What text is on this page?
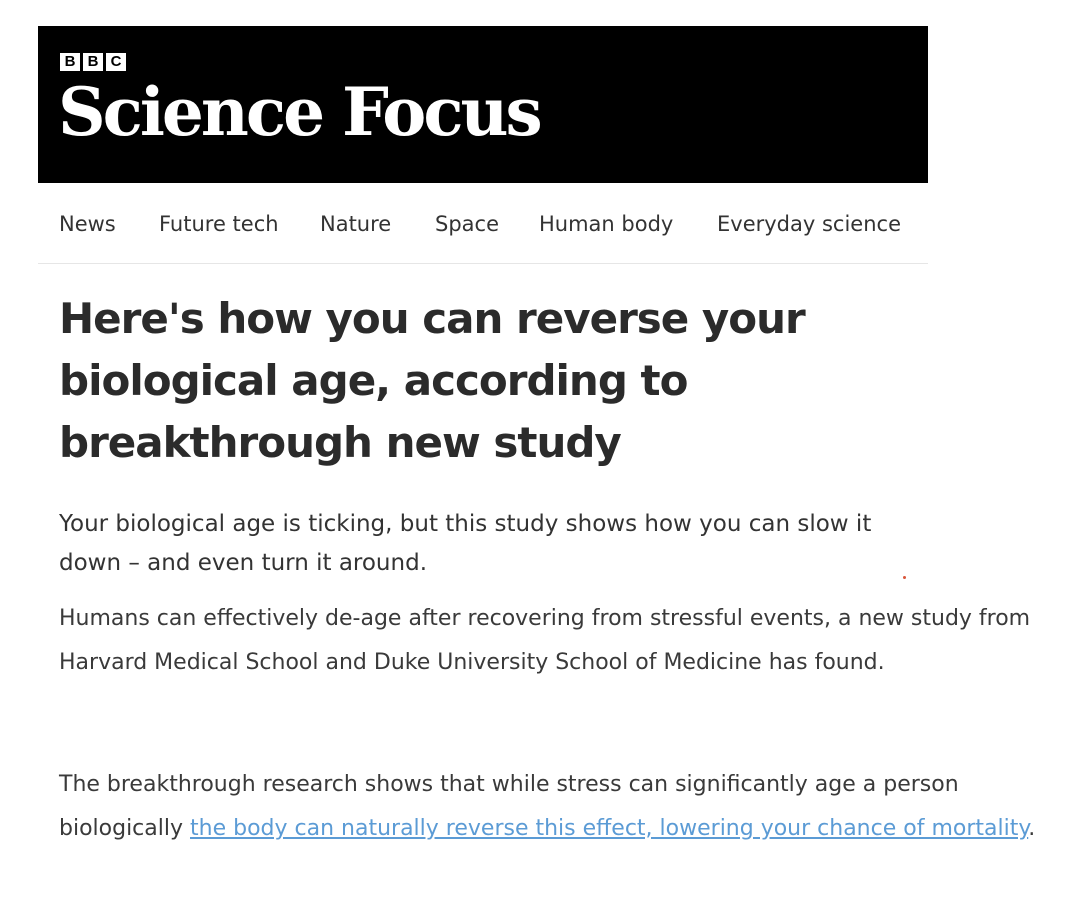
B B C
Science Focus
News Future tech Nature Space Human body Everyday science
Here's how you can reverse your biological age, according to breakthrough new study

Your biological age is ticking, but this study shows how you can slow it down – and even turn it around.

Humans can effectively de-age after recovering from stressful events, a new study from Harvard Medical School and Duke University School of Medicine has found.

The breakthrough research shows that while stress can significantly age a person biologically the body can naturally reverse this effect, lowering your chance of mortality.
